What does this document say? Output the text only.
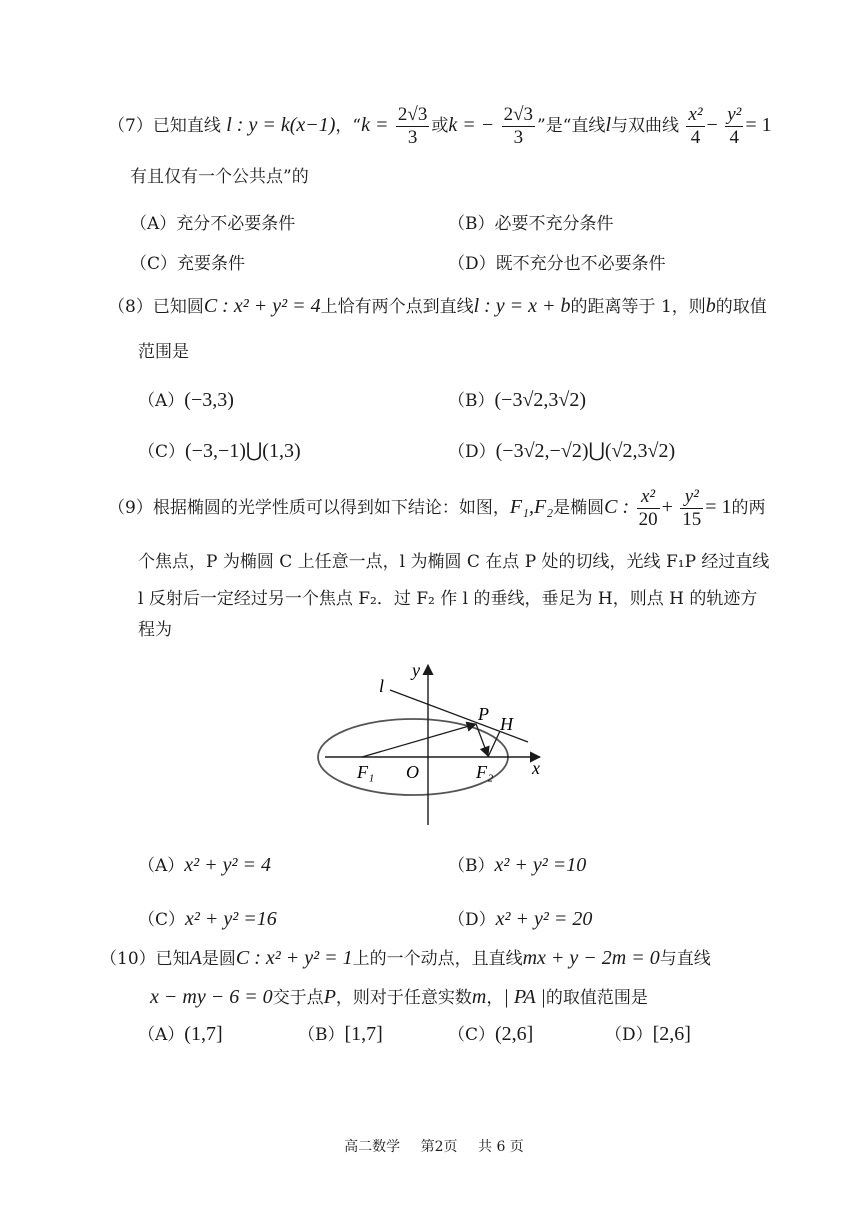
（7）已知直线 l : y = k(x−1)，“$k = \frac{2√3}{3}$ 或k = − $\frac{2√3}{3}$ ”是“直线l与双曲线 $\frac{\text{x²}}{4} - \frac{\text{y²}}{4} = 1$
有且仅有一个公共点”的
（A）充分不必要条件	（B）必要不充分条件
（C）充要条件	（D）既不充分也不必要条件
（8）已知圆C : x² + y² = 4上恰有两个点到直线l : y = x + b的距离等于 1，则b的取值
范围是
（A）(−3,3)	（B）(−3√2,3√2)
（C）(−3,−1)⋃(1,3)	（D）(−3√2,−√2)⋃(√2,3√2)
（9）根据椭圆的光学性质可以得到如下结论：如图，F₁,F₂是椭圆C : $\frac{\text{x²}}{20} + \frac{\text{y²}}{15} = 1$的两
个焦点，P 为椭圆 C 上任意一点，l 为椭圆 C 在点 P 处的切线，光线 F₁P 经过直线
l 反射后一定经过另一个焦点 F₂．过 F₂ 作 l 的垂线，垂足为 H，则点 H 的轨迹方
程为
l
y
P H
F₁ O	F₂ x
（A）x² + y² = 4	（B）x² + y² =10
（C）x² + y² =16	（D）x² + y² = 20
（10）已知A是圆C : x² + y² = 1上的一个动点，且直线mx + y − 2m = 0与直线
x − my − 6 = 0交于点P，则对于任意实数m，| PA |的取值范围是
（A）(1,7]	（B）[1,7]	（C）(2,6]	（D）[2,6]
高二数学 第2页 共 6 页
